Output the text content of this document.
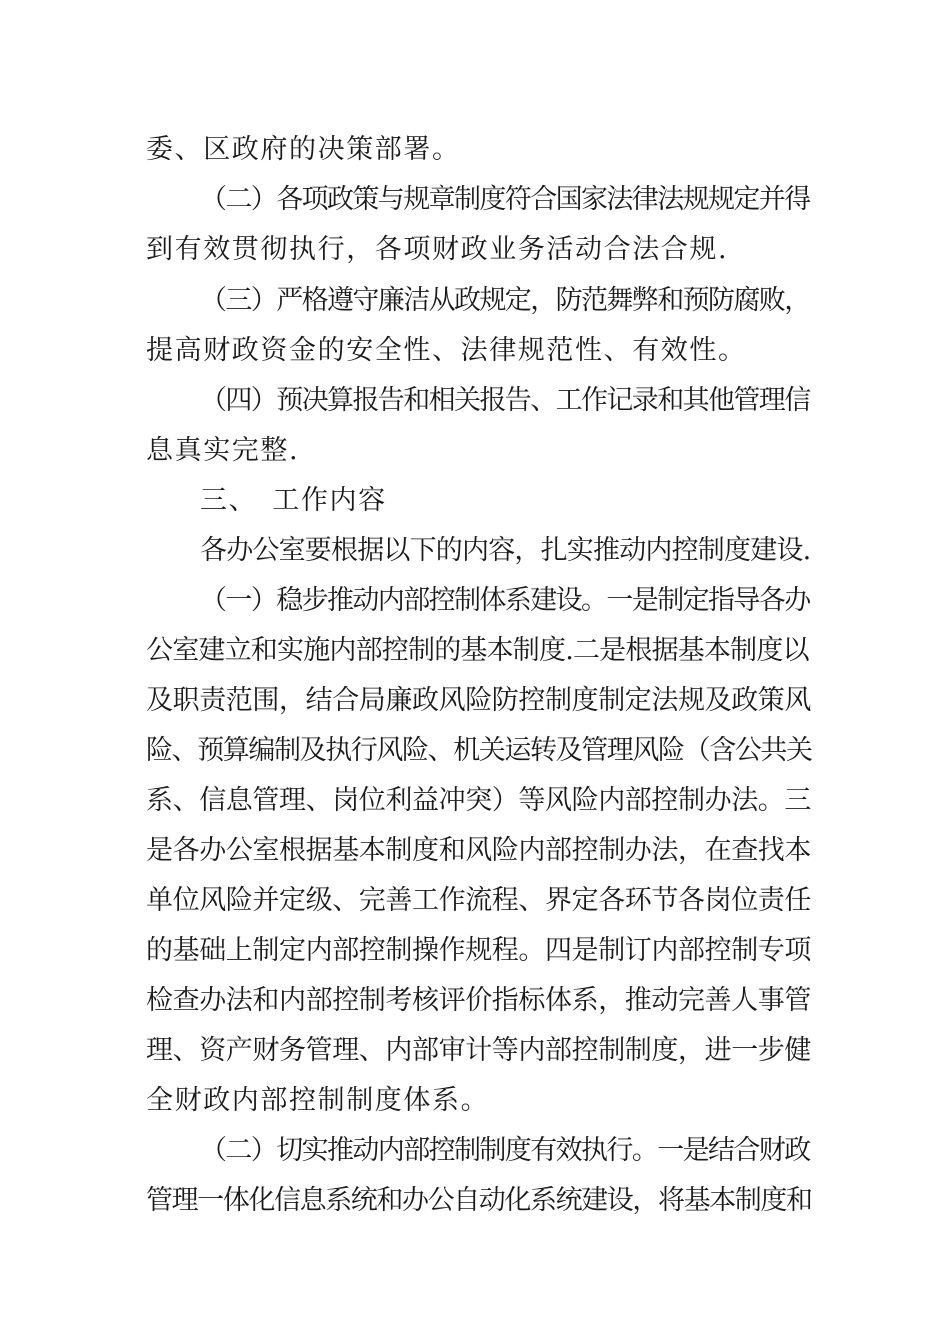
委、区政府的决策部署。
（二）各项政策与规章制度符合国家法律法规规定并得
到有效贯彻执行，各项财政业务活动合法合规.
（三）严格遵守廉洁从政规定，防范舞弊和预防腐败，
提高财政资金的安全性、法律规范性、有效性。
（四）预决算报告和相关报告、工作记录和其他管理信
息真实完整.
三、　工作内容
各办公室要根据以下的内容，扎实推动内控制度建设.
（一）稳步推动内部控制体系建设。一是制定指导各办
公室建立和实施内部控制的基本制度.二是根据基本制度以
及职责范围，结合局廉政风险防控制度制定法规及政策风
险、预算编制及执行风险、机关运转及管理风险（含公共关
系、信息管理、岗位利益冲突）等风险内部控制办法。三
是各办公室根据基本制度和风险内部控制办法，在查找本
单位风险并定级、完善工作流程、界定各环节各岗位责任
的基础上制定内部控制操作规程。四是制订内部控制专项
检查办法和内部控制考核评价指标体系，推动完善人事管
理、资产财务管理、内部审计等内部控制制度，进一步健
全财政内部控制制度体系。
（二）切实推动内部控制制度有效执行。一是结合财政
管理一体化信息系统和办公自动化系统建设，将基本制度和
